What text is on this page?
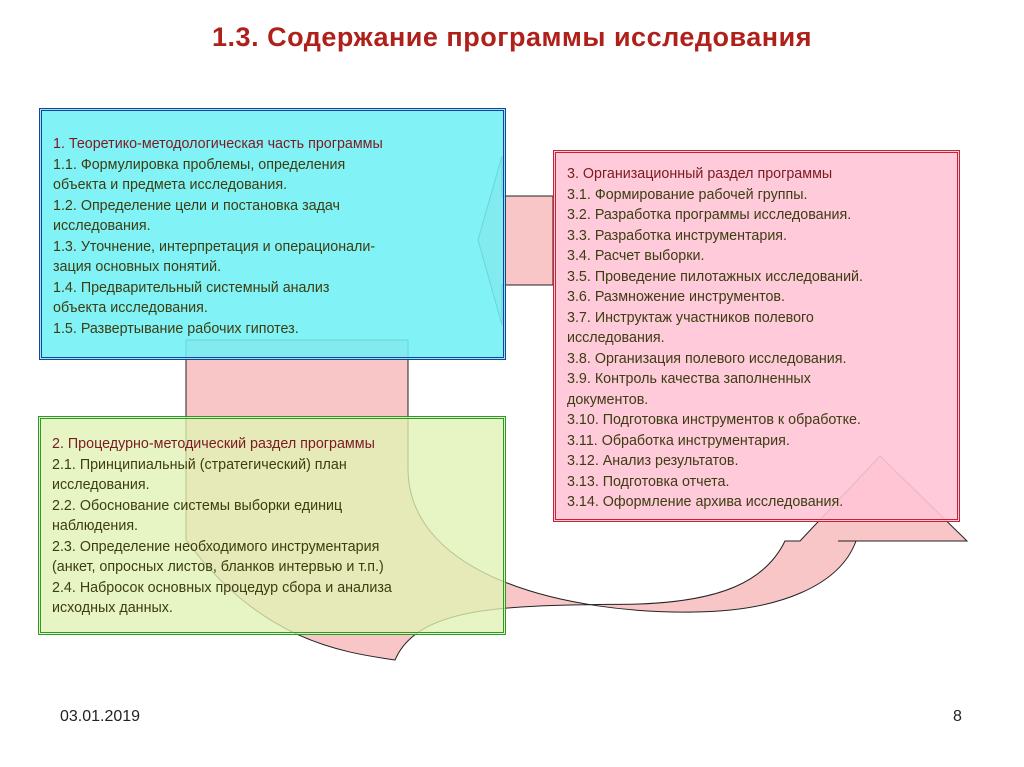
1.3. Содержание программы исследования

1. Теоретико-методологическая часть программы

1.1. Формулировка проблемы, определения

объекта и предмета исследования.

1.2. Определение цели и постановка задач

исследования.

1.3. Уточнение, интерпретация и операционали-

зация основных понятий.

1.4. Предварительный системный анализ

объекта исследования.

1.5. Развертывание рабочих гипотез.

3. Организационный раздел программы

3.1. Формирование рабочей группы.

3.2. Разработка программы исследования.

3.3. Разработка инструментария.

3.4. Расчет выборки.

3.5. Проведение пилотажных исследований.

3.6. Размножение инструментов.

3.7. Инструктаж участников полевого

исследования.

3.8. Организация полевого исследования.

3.9. Контроль качества заполненных

документов.

3.10. Подготовка инструментов к обработке.

3.11. Обработка инструментария.

3.12. Анализ результатов.

3.13. Подготовка отчета.

3.14. Оформление архива исследования.

2. Процедурно-методический раздел программы

2.1. Принципиальный (стратегический) план

исследования.

2.2. Обоснование системы выборки единиц

наблюдения.

2.3. Определение необходимого инструментария

(анкет, опросных листов, бланков интервью и т.п.)

2.4. Набросок основных процедур сбора и анализа

исходных данных.

03.01.2019	8
